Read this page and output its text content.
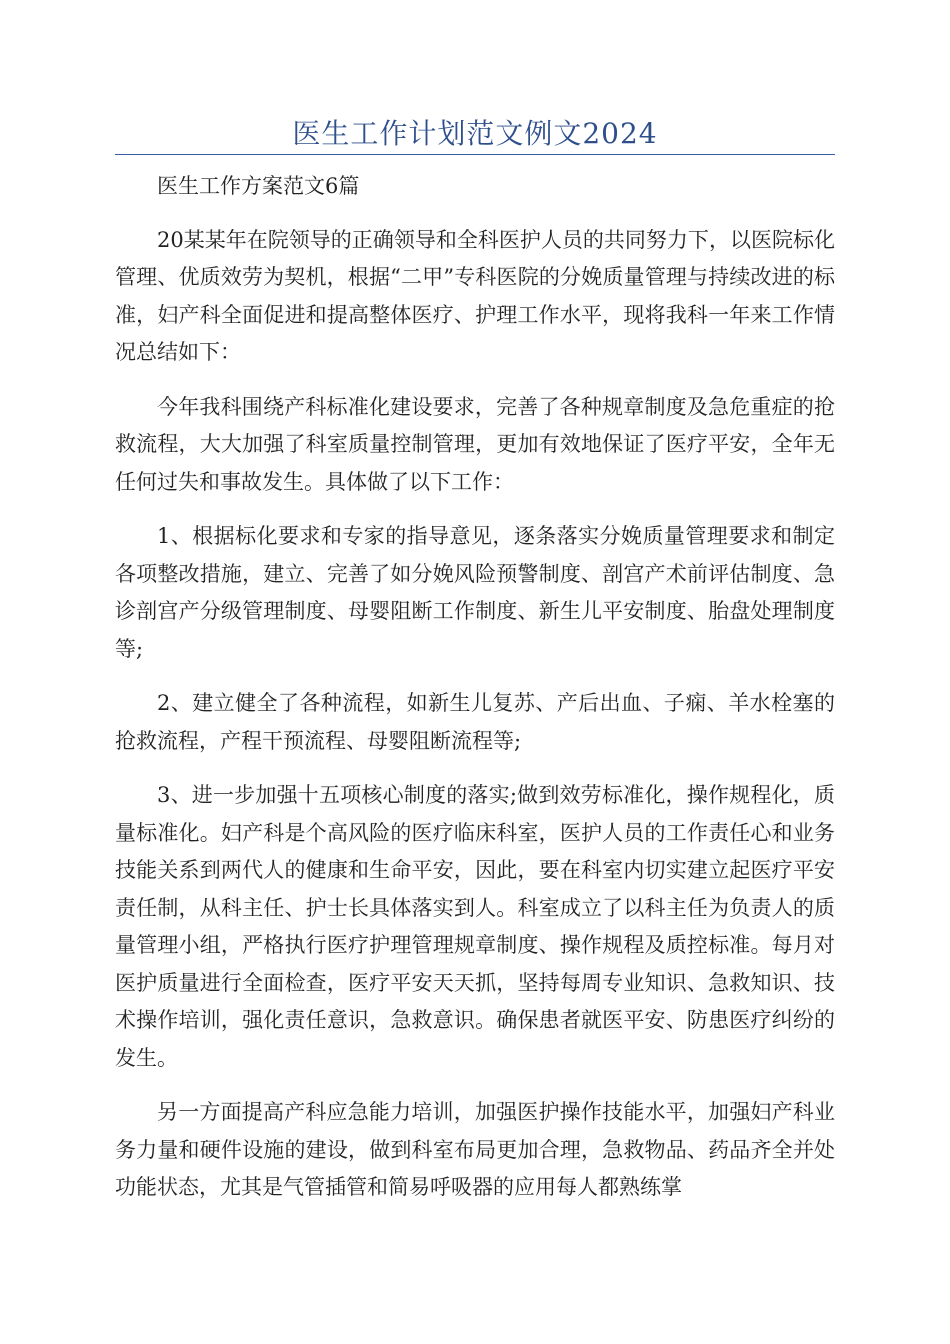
医生工作计划范文例文2024

医生工作方案范文6篇

20某某年在院领导的正确领导和全科医护人员的共同努力下，以医院标化管理、优质效劳为契机，根据“二甲”专科医院的分娩质量管理与持续改进的标准，妇产科全面促进和提高整体医疗、护理工作水平，现将我科一年来工作情况总结如下：

今年我科围绕产科标准化建设要求，完善了各种规章制度及急危重症的抢救流程，大大加强了科室质量控制管理，更加有效地保证了医疗平安，全年无任何过失和事故发生。具体做了以下工作：

1、根据标化要求和专家的指导意见，逐条落实分娩质量管理要求和制定各项整改措施，建立、完善了如分娩风险预警制度、剖宫产术前评估制度、急诊剖宫产分级管理制度、母婴阻断工作制度、新生儿平安制度、胎盘处理制度等;

2、建立健全了各种流程，如新生儿复苏、产后出血、子痫、羊水栓塞的抢救流程，产程干预流程、母婴阻断流程等;

3、进一步加强十五项核心制度的落实;做到效劳标准化，操作规程化，质量标准化。妇产科是个高风险的医疗临床科室，医护人员的工作责任心和业务技能关系到两代人的健康和生命平安，因此，要在科室内切实建立起医疗平安责任制，从科主任、护士长具体落实到人。科室成立了以科主任为负责人的质量管理小组，严格执行医疗护理管理规章制度、操作规程及质控标准。每月对医护质量进行全面检查，医疗平安天天抓，坚持每周专业知识、急救知识、技术操作培训，强化责任意识，急救意识。确保患者就医平安、防患医疗纠纷的发生。

另一方面提高产科应急能力培训，加强医护操作技能水平，加强妇产科业务力量和硬件设施的建设，做到科室布局更加合理，急救物品、药品齐全并处功能状态，尤其是气管插管和简易呼吸器的应用每人都熟练掌
